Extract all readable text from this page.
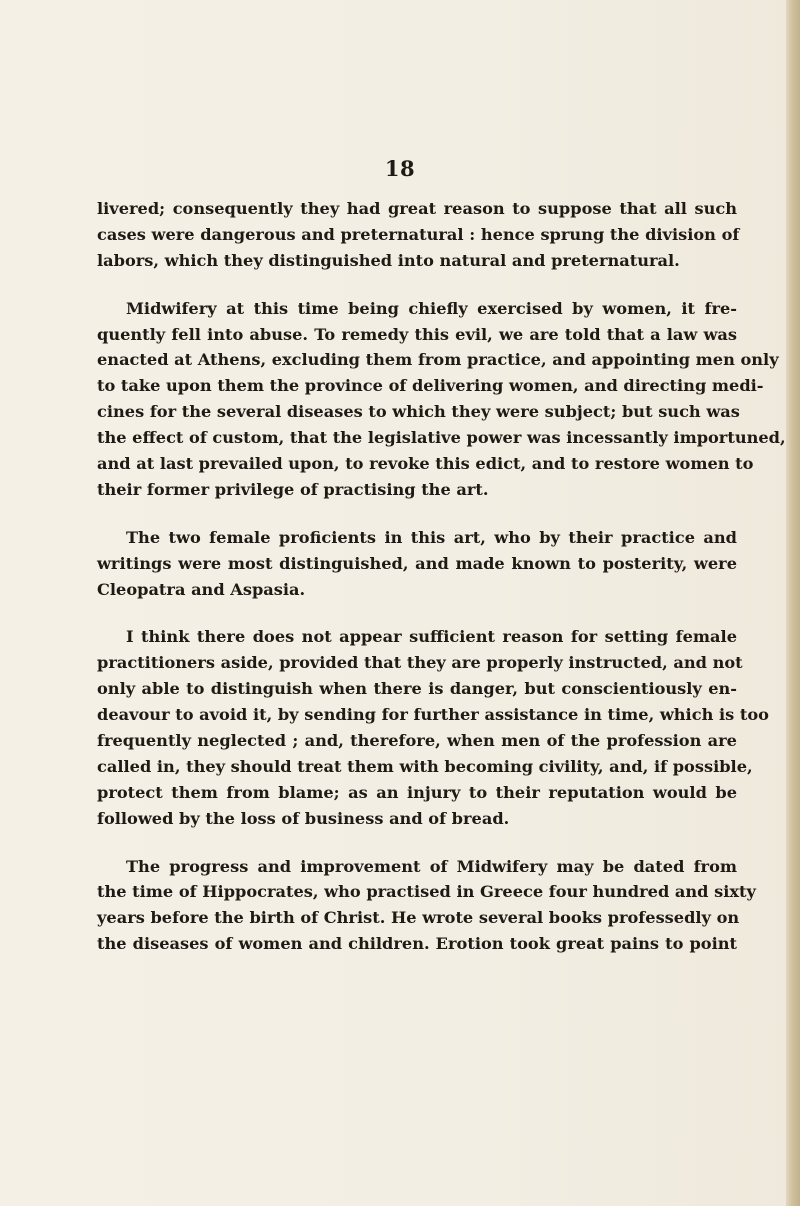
18
livered; consequently they had great reason to suppose that all such
cases were dangerous and preternatural : hence sprung the division of
labors, which they distinguished into natural and preternatural.
Midwifery at this time being chiefly exercised by women, it fre-
quently fell into abuse. To remedy this evil, we are told that a law was
enacted at Athens, excluding them from practice, and appointing men only
to take upon them the province of delivering women, and directing medi-
cines for the several diseases to which they were subject; but such was
the effect of custom, that the legislative power was incessantly importuned,
and at last prevailed upon, to revoke this edict, and to restore women to
their former privilege of practising the art.
The two female proficients in this art, who by their practice and
writings were most distinguished, and made known to posterity, were
Cleopatra and Aspasia.
I think there does not appear sufficient reason for setting female
practitioners aside, provided that they are properly instructed, and not
only able to distinguish when there is danger, but conscientiously en-
deavour to avoid it, by sending for further assistance in time, which is too
frequently neglected ; and, therefore, when men of the profession are
called in, they should treat them with becoming civility, and, if possible,
protect them from blame; as an injury to their reputation would be
followed by the loss of business and of bread.
The progress and improvement of Midwifery may be dated from
the time of Hippocrates, who practised in Greece four hundred and sixty
years before the birth of Christ. He wrote several books professedly on
the diseases of women and children. Erotion took great pains to point
